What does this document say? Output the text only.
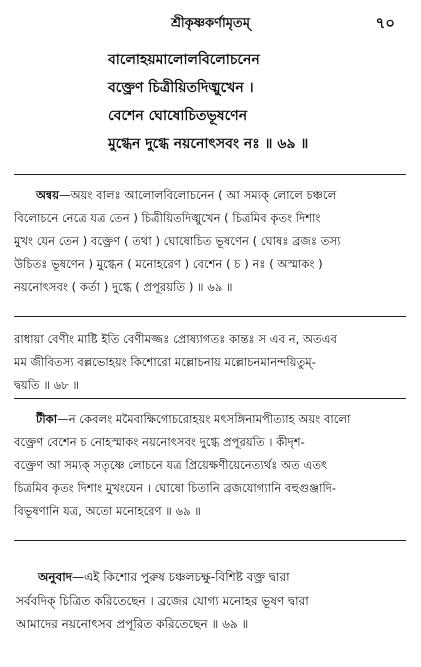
শ্রীকৃষ্ণকর্ণামৃতম্	৭০
বালোহয়মালোলবিলোচনেন
বক্ত্রেণ চিত্রীয়িতদিঙ্মুখেন ।
বেশেন ঘোষোচিতভূষণেন
মুগ্ধেন দুগ্ধে নয়নোৎসবং নঃ ॥ ৬৯ ॥
অন্বয়—অয়ং বালঃ আলোলবিলোচনেন ( আ সম্যক্ লোলে চঞ্চলে
বিলোচনে নেত্রে যত্র তেন ) চিত্রীয়িতদিঙ্মুখেন ( চিত্রমিব কৃতং দিশাং
মুখং যেন তেন ) বক্ত্রেণ ( তথা ) ঘোষোচিত ভূষণেন ( ঘোষঃ ব্রজঃ তস্য
উচিতঃ ভূষণেন ) মুগ্ধেন ( মনোহরেণ ) বেশেন ( চ ) নঃ ( অস্মাকং )
নয়নোৎসবং ( কর্তা ) দুগ্ধে ( প্রপূরয়তি ) ॥ ৬৯ ॥
রাধায়া বেণীং মাষ্টি ইতি বেণীমজ্জঃ প্রোষ্যাগতঃ কান্তঃ স এব ন, অতএব
মম জীবিতস্য বল্লভোহয়ং কিশোরো মল্লোচনায় মল্লোচনমানন্দয়িতুম্-
দ্বয়তি ॥ ৬৮ ॥
টীকা—ন কেবলং মমৈবাক্ষিগোচরোহয়ং মৎসঙ্গিনামপীত্যাহ অয়ং বালো
বক্ত্রেণ বেশেন চ নোহস্মাকং নয়নোৎসবং দুগ্ধে প্রপূরয়তি । কীদৃশ-
বক্ত্রেণ আ সম্যক্ সতৃষ্ণে লোচনে যত্র প্রিয়েক্ষণীয়েনেত্যর্থঃ অত এতৎ
চিত্রমিব কৃতং দিশাং মুখংযেন । ঘোষো চিতানি ব্রজযোগ্যানি বহুগুঞ্জাদি-
বিভূষণানি যত্র, অতো মনোহরেণ ॥ ৬৯ ॥
অনুবাদ—এই কিশোর পুরুষ চঞ্চলচক্ষু-বিশিষ্ট বক্ত্র দ্বারা
সর্ববদিক্ চিত্রিত করিতেছেন । ব্রজের যোগ্য মনোহর ভূষণ দ্বারা
আমাদের নয়নোৎসব প্রপূরিত করিতেছেন ॥ ৬৯ ॥
